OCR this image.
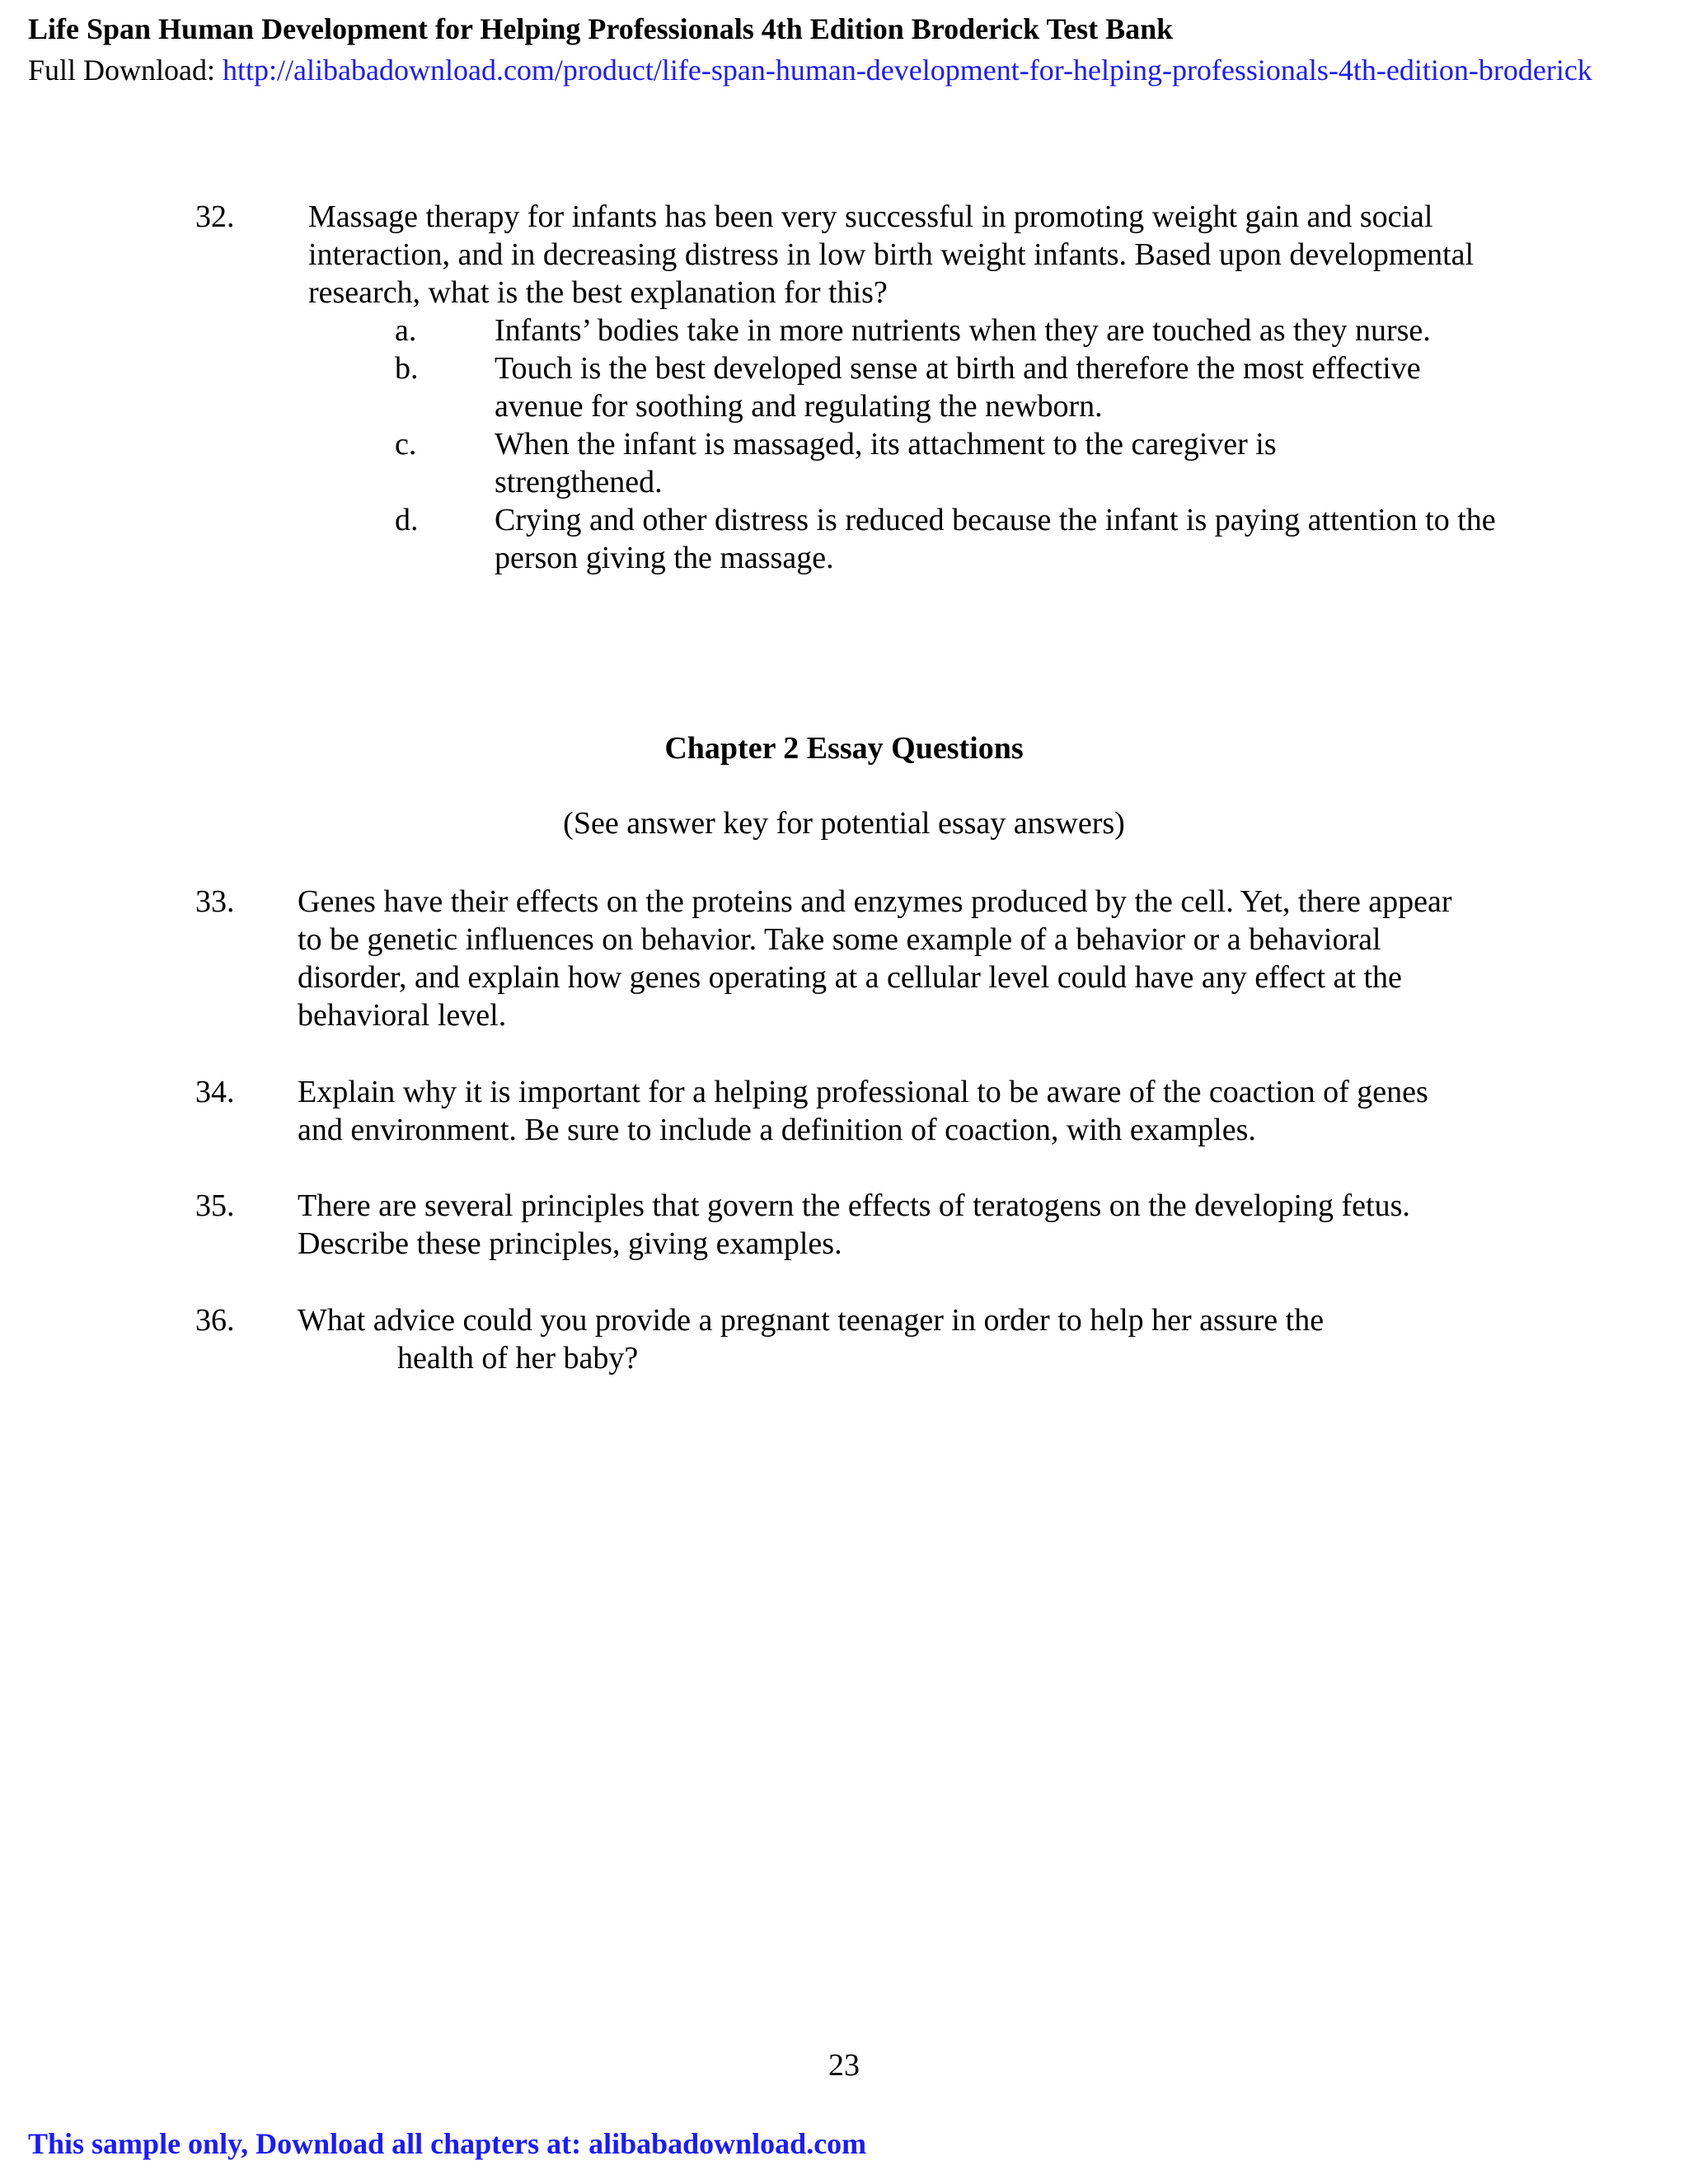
Life Span Human Development for Helping Professionals 4th Edition Broderick Test Bank
Full Download: http://alibabadownload.com/product/life-span-human-development-for-helping-professionals-4th-edition-broderick
32. Massage therapy for infants has been very successful in promoting weight gain and social interaction, and in decreasing distress in low birth weight infants. Based upon developmental research, what is the best explanation for this?
a. Infants’ bodies take in more nutrients when they are touched as they nurse.
b. Touch is the best developed sense at birth and therefore the most effective avenue for soothing and regulating the newborn.
c. When the infant is massaged, its attachment to the caregiver is strengthened.
d. Crying and other distress is reduced because the infant is paying attention to the person giving the massage.
Chapter 2 Essay Questions
(See answer key for potential essay answers)
33. Genes have their effects on the proteins and enzymes produced by the cell. Yet, there appear to be genetic influences on behavior. Take some example of a behavior or a behavioral disorder, and explain how genes operating at a cellular level could have any effect at the behavioral level.
34. Explain why it is important for a helping professional to be aware of the coaction of genes and environment. Be sure to include a definition of coaction, with examples.
35. There are several principles that govern the effects of teratogens on the developing fetus. Describe these principles, giving examples.
36. What advice could you provide a pregnant teenager in order to help her assure the
health of her baby?
23
This sample only, Download all chapters at: alibabadownload.com
